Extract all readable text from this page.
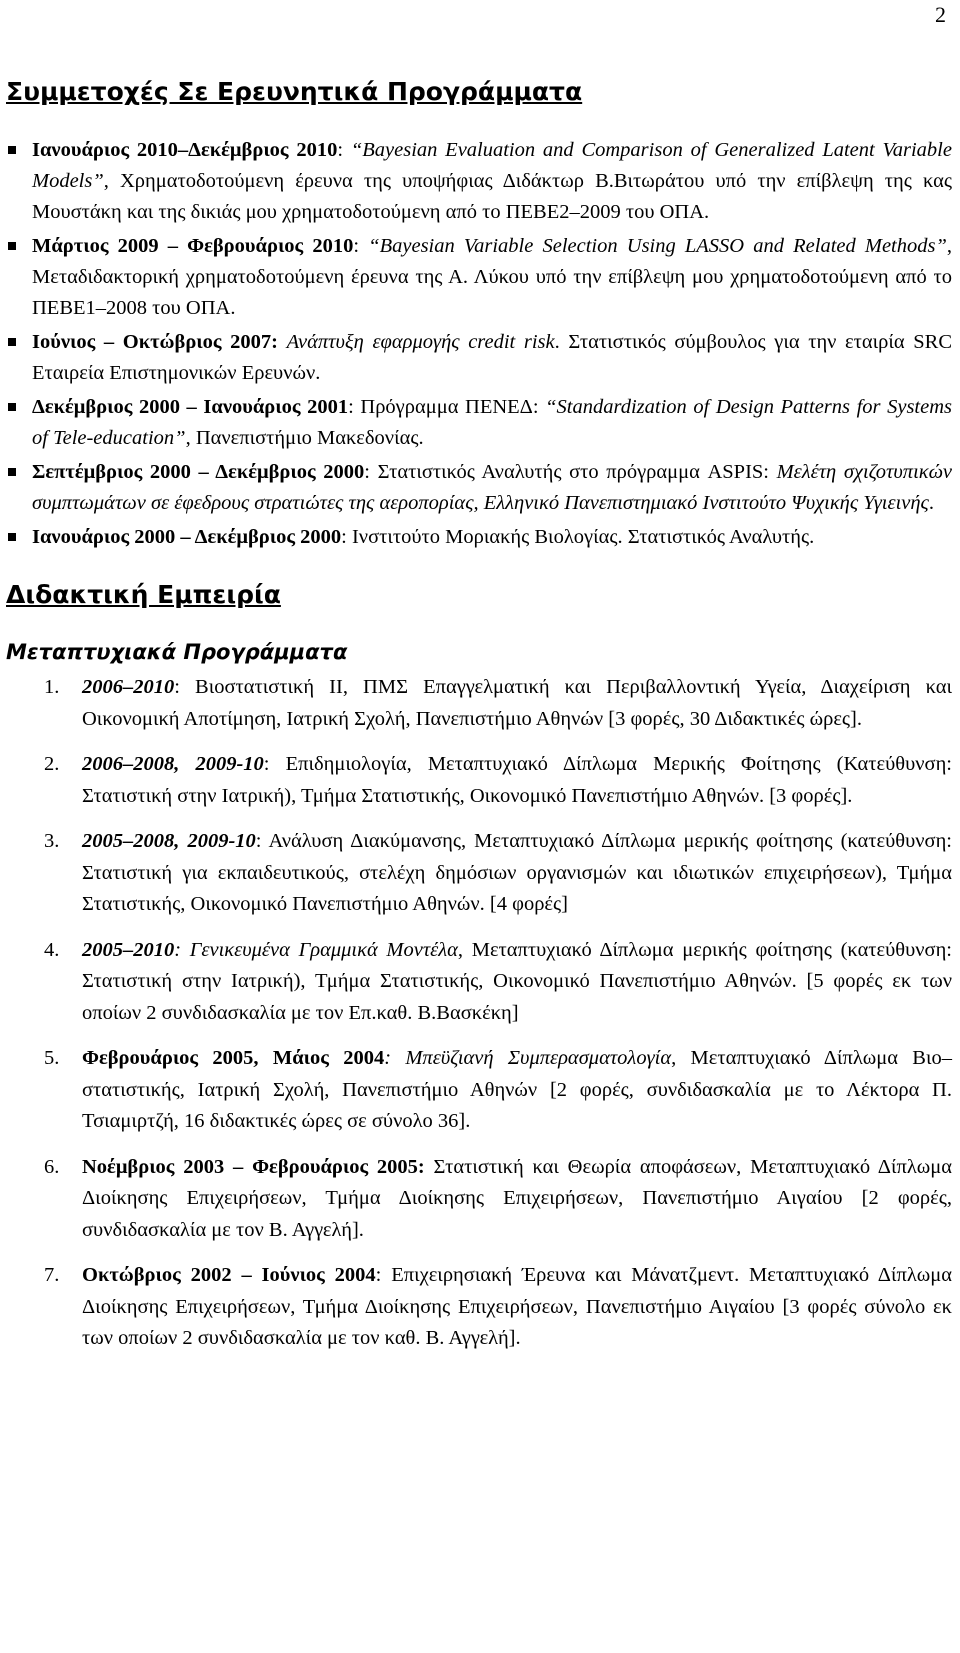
2
Συμμετοχές Σε Ερευνητικά Προγράμματα
Ιανουάριος 2010–Δεκέμβριος 2010: “Bayesian Evaluation and Comparison of Generalized Latent Variable Models”, Χρηματοδοτούμενη έρευνα της υποψήφιας Διδάκτωρ Β.Βιτωράτου υπό την επίβλεψη της κας Μουστάκη και της δικιάς μου χρηματοδοτούμενη από το ΠΕΒΕ2–2009 του ΟΠΑ.
Μάρτιος 2009 – Φεβρουάριος 2010: “Bayesian Variable Selection Using LASSO and Related Methods”, Μεταδιδακτορική χρηματοδοτούμενη έρευνα της Α. Λύκου υπό την επίβλεψη μου χρηματοδοτούμενη από το ΠΕΒΕ1–2008 του ΟΠΑ.
Ιούνιος – Οκτώβριος 2007: Ανάπτυξη εφαρμογής credit risk. Στατιστικός σύμβουλος για την εταιρία SRC Εταιρεία Επιστημονικών Ερευνών.
Δεκέμβριος 2000 – Ιανουάριος 2001: Πρόγραμμα ΠΕΝΕΔ: “Standardization of Design Patterns for Systems of Tele-education”, Πανεπιστήμιο Μακεδονίας.
Σεπτέμβριος 2000 – Δεκέμβριος 2000: Στατιστικός Αναλυτής στο πρόγραμμα ASPIS: Μελέτη σχιζοτυπικών συμπτωμάτων σε έφεδρους στρατιώτες της αεροπορίας, Ελληνικό Πανεπιστημιακό Ινστιτούτο Ψυχικής Υγιεινής.
Ιανουάριος 2000 – Δεκέμβριος 2000: Ινστιτούτο Μοριακής Βιολογίας. Στατιστικός Αναλυτής.
Διδακτική Εμπειρία
Μεταπτυχιακά Προγράμματα
1. 2006–2010: Βιοστατιστική ΙΙ, ΠΜΣ Επαγγελματική και Περιβαλλοντική Υγεία, Διαχείριση και Οικονομική Αποτίμηση, Ιατρική Σχολή, Πανεπιστήμιο Αθηνών [3 φορές, 30 Διδακτικές ώρες].
2. 2006–2008, 2009-10: Επιδημιολογία, Μεταπτυχιακό Δίπλωμα Μερικής Φοίτησης (Κατεύθυνση: Στατιστική στην Ιατρική), Τμήμα Στατιστικής, Οικονομικό Πανεπιστήμιο Αθηνών. [3 φορές].
3. 2005–2008, 2009-10: Ανάλυση Διακύμανσης, Μεταπτυχιακό Δίπλωμα μερικής φοίτησης (κατεύθυνση: Στατιστική για εκπαιδευτικούς, στελέχη δημόσιων οργανισμών και ιδιωτικών επιχειρήσεων), Τμήμα Στατιστικής, Οικονομικό Πανεπιστήμιο Αθηνών. [4 φορές]
4. 2005–2010: Γενικευμένα Γραμμικά Μοντέλα, Μεταπτυχιακό Δίπλωμα μερικής φοίτησης (κατεύθυνση: Στατιστική στην Ιατρική), Τμήμα Στατιστικής, Οικονομικό Πανεπιστήμιο Αθηνών. [5 φορές εκ των οποίων 2 συνδιδασκαλία με τον Επ.καθ. Β.Βασκέκη]
5. Φεβρουάριος 2005, Μάιος 2004: Μπεϋζιανή Συμπερασματολογία, Μεταπτυχιακό Δίπλωμα Βιο–στατιστικής, Ιατρική Σχολή, Πανεπιστήμιο Αθηνών [2 φορές, συνδιδασκαλία με το Λέκτορα Π. Τσιαμιρτζή, 16 διδακτικές ώρες σε σύνολο 36].
6. Νοέμβριος 2003 – Φεβρουάριος 2005: Στατιστική και Θεωρία αποφάσεων, Μεταπτυχιακό Δίπλωμα Διοίκησης Επιχειρήσεων, Τμήμα Διοίκησης Επιχειρήσεων, Πανεπιστήμιο Αιγαίου [2 φορές, συνδιδασκαλία με τον Β. Αγγελή].
7. Οκτώβριος 2002 – Ιούνιος 2004: Επιχειρησιακή Έρευνα και Μάνατζμεντ. Μεταπτυχιακό Δίπλωμα Διοίκησης Επιχειρήσεων, Τμήμα Διοίκησης Επιχειρήσεων, Πανεπιστήμιο Αιγαίου [3 φορές σύνολο εκ των οποίων 2 συνδιδασκαλία με τον καθ. Β. Αγγελή].
